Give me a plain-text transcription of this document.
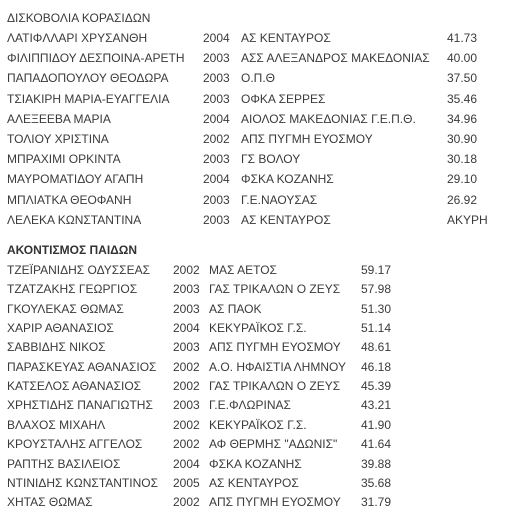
ΔΙΣΚΟΒΟΛΙΑ ΚΟΡΑΣΙΔΩΝ
ΛΑΤΙΦΛΛΑΡΙ ΧΡΥΣΑΝΘΗ	2004 ΑΣ ΚΕΝΤΑΥΡΟΣ	41.73
ΦΙΛΙΠΠΙΔΟΥ ΔΕΣΠΟΙΝΑ-ΑΡΕΤΗ 2003 ΑΣΣ ΑΛΕΞΑΝΔΡΟΣ ΜΑΚΕΔΟΝΙΑΣ 40.00
ΠΑΠΑΔΟΠΟΥΛΟΥ ΘΕΟΔΩΡΑ	2003 Ο.Π.Θ	37.50
ΤΣΙΑΚΙΡΗ ΜΑΡΙΑ-ΕΥΑΓΓΕΛΙΑ	2003 ΟΦΚΑ ΣΕΡΡΕΣ	35.46
ΑΛΕΞΕΕΒΑ ΜΑΡΙΑ	2004 ΑΙΟΛΟΣ ΜΑΚΕΔΟΝΙΑΣ Γ.Ε.Π.Θ.	34.96
ΤΟΛΙΟΥ ΧΡΙΣΤΙΝΑ	2002 ΑΠΣ ΠΥΓΜΗ ΕΥΟΣΜΟΥ	30.90
ΜΠΡΑΧΙΜΙ ΟΡΚΙΝΤΑ	2003 ΓΣ ΒΟΛΟΥ	30.18
ΜΑΥΡΟΜΑΤΙΔΟΥ ΑΓΑΠΗ	2004 ΦΣΚΑ ΚΟΖΑΝΗΣ	29.10
ΜΠΛΙΑΤΚΑ ΘΕΟΦΑΝΗ	2003 Γ.Ε.ΝΑΟΥΣΑΣ	26.92
ΛΕΛΕΚΑ ΚΩΝΣΤΑΝΤΙΝΑ	2003 ΑΣ ΚΕΝΤΑΥΡΟΣ	ΑΚΥΡΗ
ΑΚΟΝΤΙΣΜΟΣ ΠΑΙΔΩΝ
ΤΖΕΪΡΑΝΙΔΗΣ ΟΔΥΣΣΕΑΣ 2002 ΜΑΣ ΑΕΤΟΣ	59.17
ΤΖΑΤΖΑΚΗΣ ΓΕΩΡΓΙΟΣ	2003 ΓΑΣ ΤΡΙΚΑΛΩΝ Ο ΖΕΥΣ 57.98
ΓΚΟΥΛΕΚΑΣ ΘΩΜΑΣ	2003 ΑΣ ΠΑΟΚ	51.30
ΧΑΡΙΡ ΑΘΑΝΑΣΙΟΣ	2004 ΚΕΚΥΡΑΪΚΟΣ Γ.Σ.	51.14
ΣΑΒΒΙΔΗΣ ΝΙΚΟΣ	2003 ΑΠΣ ΠΥΓΜΗ ΕΥΟΣΜΟΥ 48.61
ΠΑΡΑΣΚΕΥΑΣ ΑΘΑΝΑΣΙΟΣ 2002 Α.Ο. ΗΦΑΙΣΤΙΑ ΛΗΜΝΟΥ 46.18
ΚΑΤΣΕΛΟΣ ΑΘΑΝΑΣΙΟΣ	2002 ΓΑΣ ΤΡΙΚΑΛΩΝ Ο ΖΕΥΣ 45.39
ΧΡΗΣΤΙΔΗΣ ΠΑΝΑΓΙΩΤΗΣ 2003 Γ.Ε.ΦΛΩΡΙΝΑΣ	43.21
ΒΛΑΧΟΣ ΜΙΧΑΗΛ	2002 ΚΕΚΥΡΑΪΚΟΣ Γ.Σ.	41.90
ΚΡΟΥΣΤΑΛΗΣ ΑΓΓΕΛΟΣ	2002 ΑΦ ΘΕΡΜΗΣ "ΑΔΩΝΙΣ" 41.64
ΡΑΠΤΗΣ ΒΑΣΙΛΕΙΟΣ	2004 ΦΣΚΑ ΚΟΖΑΝΗΣ	39.88
ΝΤΙΝΙΔΗΣ ΚΩΝΣΤΑΝΤΙΝΟΣ 2005 ΑΣ ΚΕΝΤΑΥΡΟΣ	35.68
ΧΗΤΑΣ ΘΩΜΑΣ	2002 ΑΠΣ ΠΥΓΜΗ ΕΥΟΣΜΟΥ 31.79
